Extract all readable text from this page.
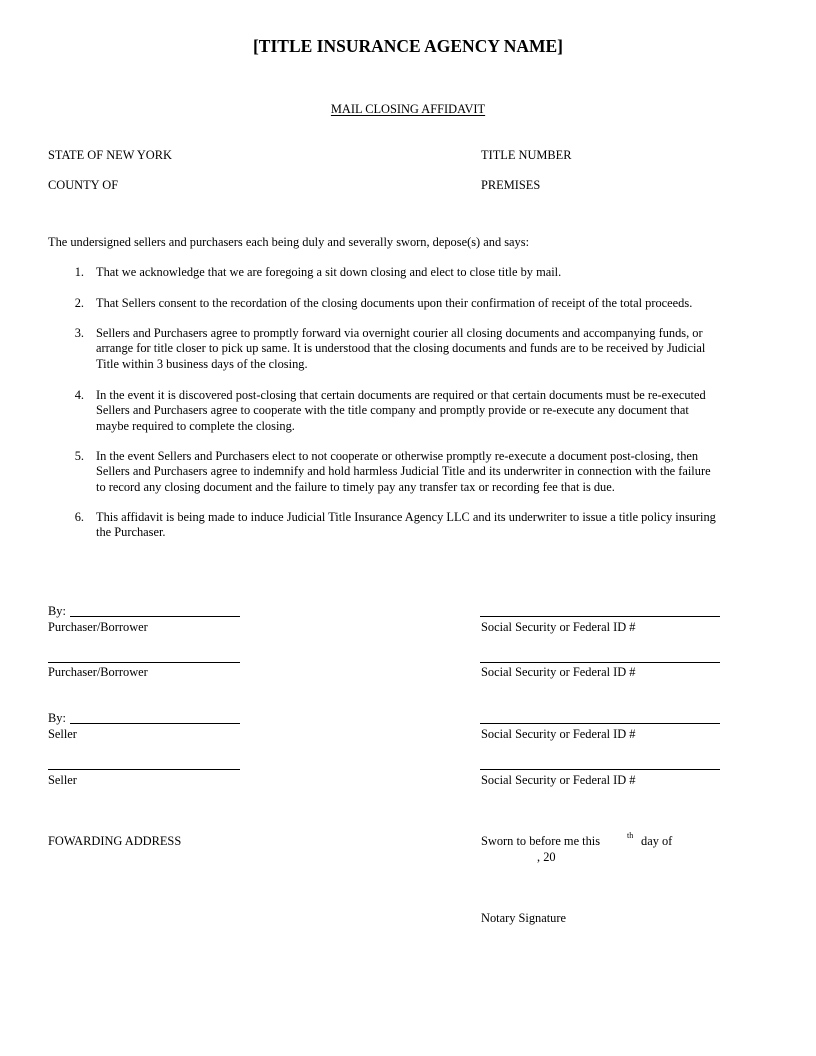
[TITLE INSURANCE AGENCY NAME]
MAIL CLOSING AFFIDAVIT
STATE OF NEW YORK	TITLE NUMBER
COUNTY OF	PREMISES
The undersigned sellers and purchasers each being duly and severally sworn, depose(s) and says:
1. That we acknowledge that we are foregoing a sit down closing and elect to close title by mail.
2. That Sellers consent to the recordation of the closing documents upon their confirmation of receipt of the total proceeds.
3. Sellers and Purchasers agree to promptly forward via overnight courier all closing documents and accompanying funds, or
arrange for title closer to pick up same. It is understood that the closing documents and funds are to be received by Judicial
Title within 3 business days of the closing.
4. In the event it is discovered post-closing that certain documents are required or that certain documents must be re-executed
Sellers and Purchasers agree to cooperate with the title company and promptly provide or re-execute any document that
maybe required to complete the closing.
5. In the event Sellers and Purchasers elect to not cooperate or otherwise promptly re-execute a document post-closing, then
Sellers and Purchasers agree to indemnify and hold harmless Judicial Title and its underwriter in connection with the failure
to record any closing document and the failure to timely pay any transfer tax or recording fee that is due.
6. This affidavit is being made to induce Judicial Title Insurance Agency LLC and its underwriter to issue a title policy insuring
the Purchaser.
By:
Purchaser/Borrower	Social Security or Federal ID #
Purchaser/Borrower	Social Security or Federal ID #
By:
Seller	Social Security or Federal ID #
Seller	Social Security or Federal ID #
FOWARDING ADDRESS	Sworn to before me this	th day of
, 20
Notary Signature
